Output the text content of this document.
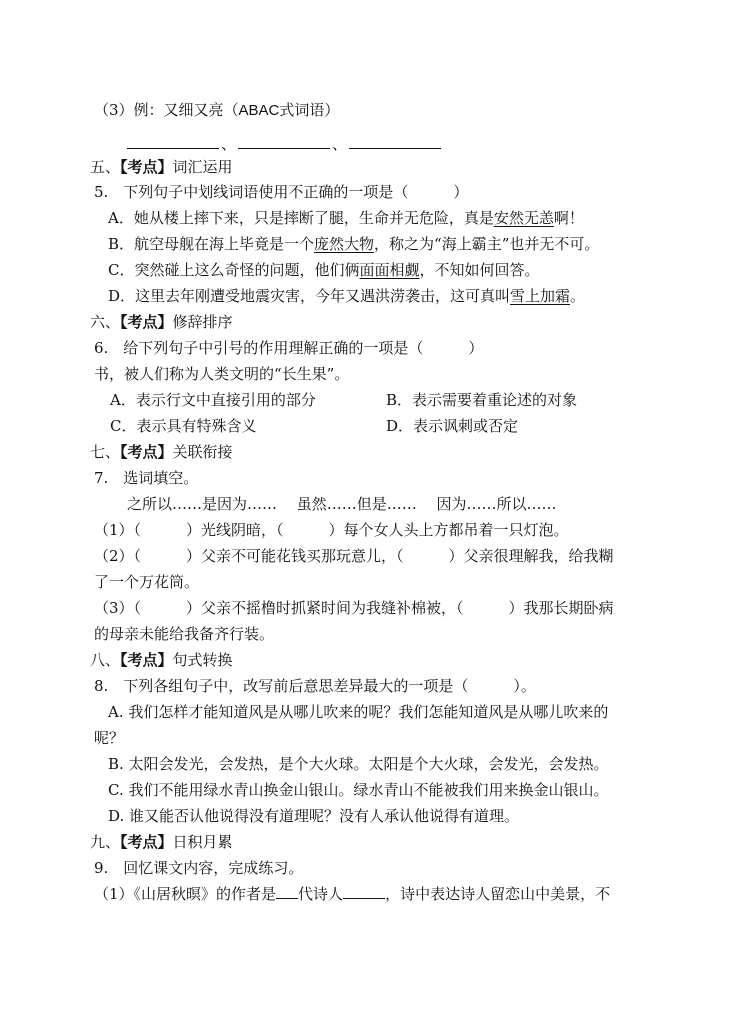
（3）例：又细又亮（ABAC式词语）
、	、
五、【考点】词汇运用
5.　下列句子中划线词语使用不正确的一项是（　　　）
A．她从楼上摔下来，只是摔断了腿，生命并无危险，真是安然无恙啊！
B．航空母舰在海上毕竟是一个庞然大物，称之为“海上霸主”也并无不可。
C．突然碰上这么奇怪的问题，他们俩面面相觑，不知如何回答。
D．这里去年刚遭受地震灾害，今年又遇洪涝袭击，这可真叫雪上加霜。
六、【考点】修辞排序
6.　给下列句子中引号的作用理解正确的一项是（　　　）
书，被人们称为人类文明的“长生果”。
A．表示行文中直接引用的部分	B．表示需要着重论述的对象
C．表示具有特殊含义	D．表示讽刺或否定
七、【考点】关联衔接
7.　选词填空。
之所以……是因为……　 虽然……但是……　 因为……所以……
（1）（　　　）光线阴暗，（　　　）每个女人头上方都吊着一只灯泡。
（2）（　　　）父亲不可能花钱买那玩意儿，（　　　）父亲很理解我，给我糊
了一个万花筒。
（3）（　　　）父亲不摇橹时抓紧时间为我缝补棉被，（　　　）我那长期卧病
的母亲未能给我备齐行装。
八、【考点】句式转换
8.　下列各组句子中，改写前后意思差异最大的一项是（　　　）。
A. 我们怎样才能知道风是从哪儿吹来的呢？我们怎能知道风是从哪儿吹来的
呢？
B. 太阳会发光，会发热，是个大火球。太阳是个大火球，会发光，会发热。
C. 我们不能用绿水青山换金山银山。绿水青山不能被我们用来换金山银山。
D. 谁又能否认他说得没有道理呢？没有人承认他说得有道理。
九、【考点】日积月累
9.　回忆课文内容，完成练习。
（1）《山居秋暝》的作者是 代诗人	，诗中表达诗人留恋山中美景，不
